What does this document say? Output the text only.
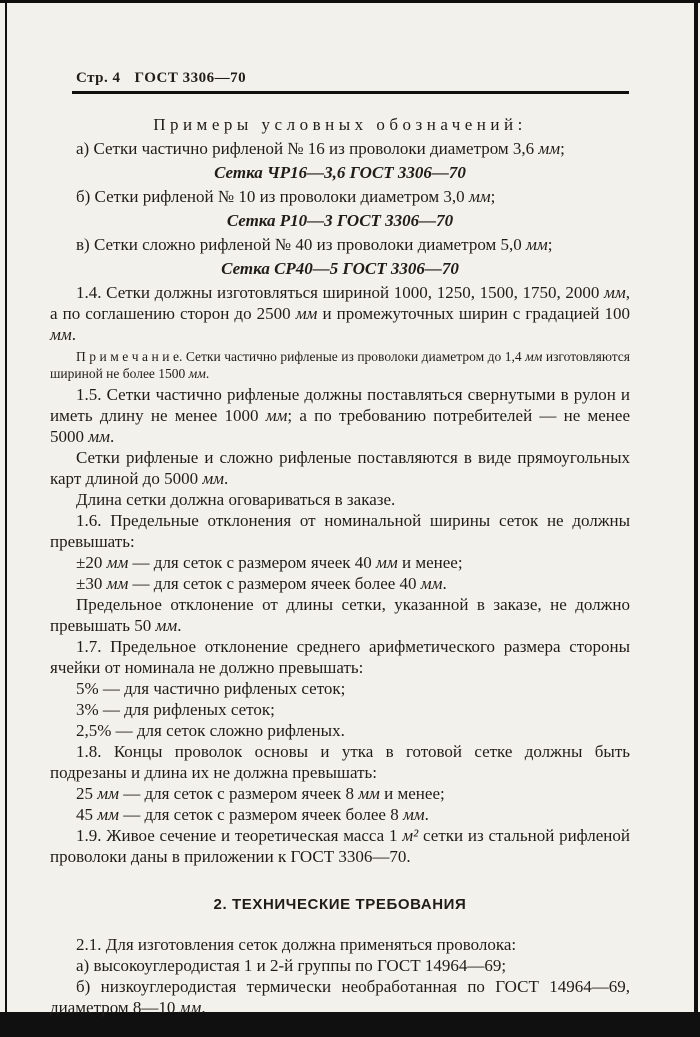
Стр. 4 ГОСТ 3306—70

Примеры условных обозначений:

а) Сетки частично рифленой № 16 из проволоки диаметром 3,6 мм;

Сетка ЧР16—3,6 ГОСТ 3306—70

б) Сетки рифленой № 10 из проволоки диаметром 3,0 мм;

Сетка Р10—3 ГОСТ 3306—70

в) Сетки сложно рифленой № 40 из проволоки диаметром 5,0 мм;

Сетка СР40—5 ГОСТ 3306—70

1.4. Сетки должны изготовляться шириной 1000, 1250, 1500, 1750, 2000 мм, а по соглашению сторон до 2500 мм и промежуточных ширин с градацией 100 мм.

П р и м е ч а н и е. Сетки частично рифленые из проволоки диаметром до 1,4 мм изготовляются шириной не более 1500 мм.

1.5. Сетки частично рифленые должны поставляться свернутыми в рулон и иметь длину не менее 1000 мм; а по требованию потребителей — не менее 5000 мм.

Сетки рифленые и сложно рифленые поставляются в виде прямоугольных карт длиной до 5000 мм.

Длина сетки должна оговариваться в заказе.

1.6. Предельные отклонения от номинальной ширины сеток не должны превышать:

±20 мм — для сеток с размером ячеек 40 мм и менее;

±30 мм — для сеток с размером ячеек более 40 мм.

Предельное отклонение от длины сетки, указанной в заказе, не должно превышать 50 мм.

1.7. Предельное отклонение среднего арифметического размера стороны ячейки от номинала не должно превышать:

5% — для частично рифленых сеток;

3% — для рифленых сеток;

2,5% — для сеток сложно рифленых.

1.8. Концы проволок основы и утка в готовой сетке должны быть подрезаны и длина их не должна превышать:

25 мм — для сеток с размером ячеек 8 мм и менее;

45 мм — для сеток с размером ячеек более 8 мм.

1.9. Живое сечение и теоретическая масса 1 м² сетки из стальной рифленой проволоки даны в приложении к ГОСТ 3306—70.

2. ТЕХНИЧЕСКИЕ ТРЕБОВАНИЯ

2.1. Для изготовления сеток должна применяться проволока:

а) высокоуглеродистая 1 и 2-й группы по ГОСТ 14964—69;

б) низкоуглеродистая термически необработанная по ГОСТ 14964—69, диаметром 8—10 мм.
